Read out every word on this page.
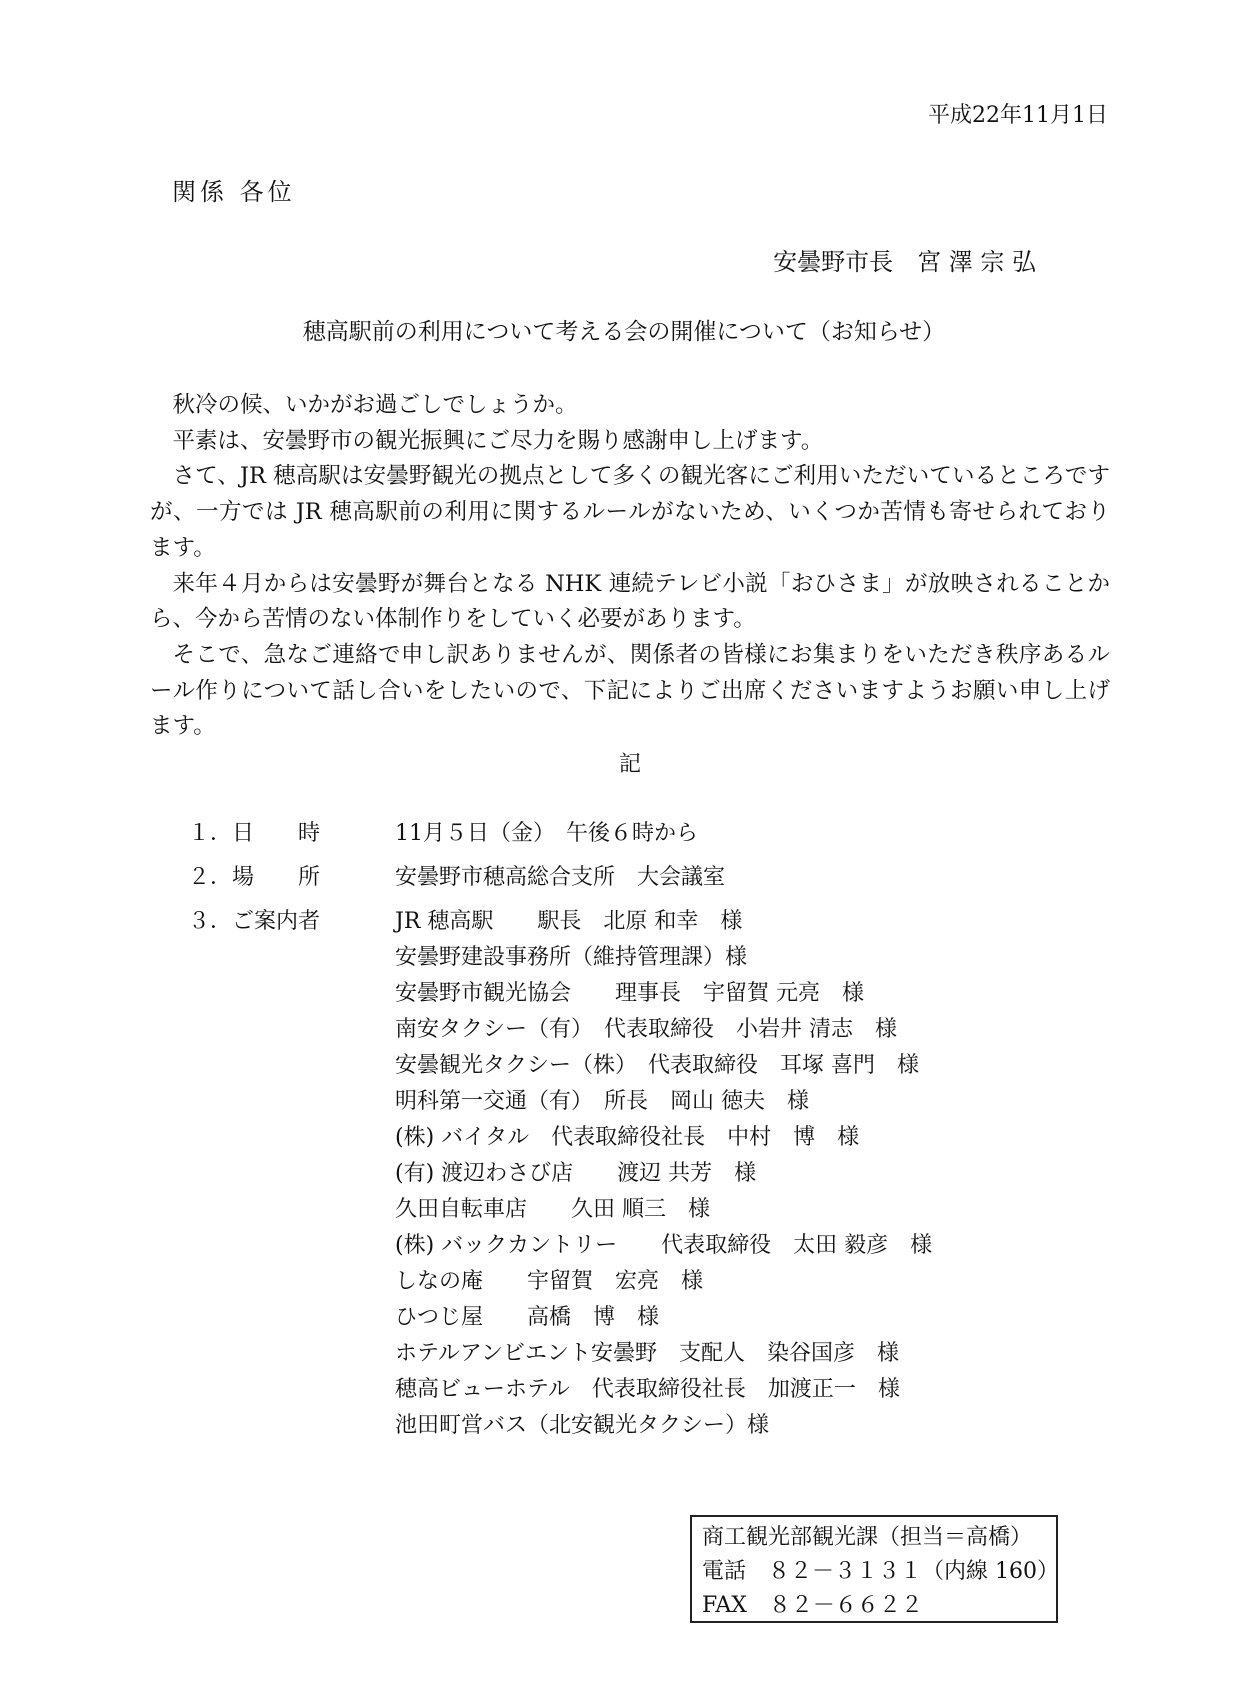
平成22年11月1日
関係 各位
安曇野市長　宮 澤 宗 弘
穂高駅前の利用について考える会の開催について（お知らせ）

秋冷の候、いかがお過ごしでしょうか。

平素は、安曇野市の観光振興にご尽力を賜り感謝申し上げます。

さて、JR 穂高駅は安曇野観光の拠点として多くの観光客にご利用いただいているところですが、一方では JR 穂高駅前の利用に関するルールがないため、いくつか苦情も寄せられております。

来年４月からは安曇野が舞台となる NHK 連続テレビ小説「おひさま」が放映されることから、今から苦情のない体制作りをしていく必要があります。

そこで、急なご連絡で申し訳ありませんが、関係者の皆様にお集まりをいただき秩序あるルール作りについて話し合いをしたいので、下記によりご出席くださいますようお願い申し上げます。

記
１．日　　時	11月５日（金）　午後６時から
２．場　　所	安曇野市穂高総合支所　大会議室
３．ご案内者	JR 穂高駅　　駅長　北原 和幸　様
安曇野建設事務所（維持管理課）様
安曇野市観光協会　　理事長　宇留賀 元亮　様
南安タクシー（有）　代表取締役　小岩井 清志　様
安曇観光タクシー（株）　代表取締役　耳塚 喜門　様
明科第一交通（有）　所長　岡山 徳夫　様
(株) バイタル　代表取締役社長　中村　博　様
(有) 渡辺わさび店　　渡辺 共芳　様
久田自転車店　　久田 順三　様
(株) バックカントリー　　代表取締役　太田 毅彦　様
しなの庵　　宇留賀　宏亮　様
ひつじ屋　　高橋　博　様
ホテルアンビエント安曇野　支配人　染谷国彦　様
穂高ビューホテル　代表取締役社長　加渡正一　様
池田町営バス（北安観光タクシー）様
商工観光部観光課（担当＝高橋）
電話　８２－３１３１（内線 160）
FAX　８２－６６２２
